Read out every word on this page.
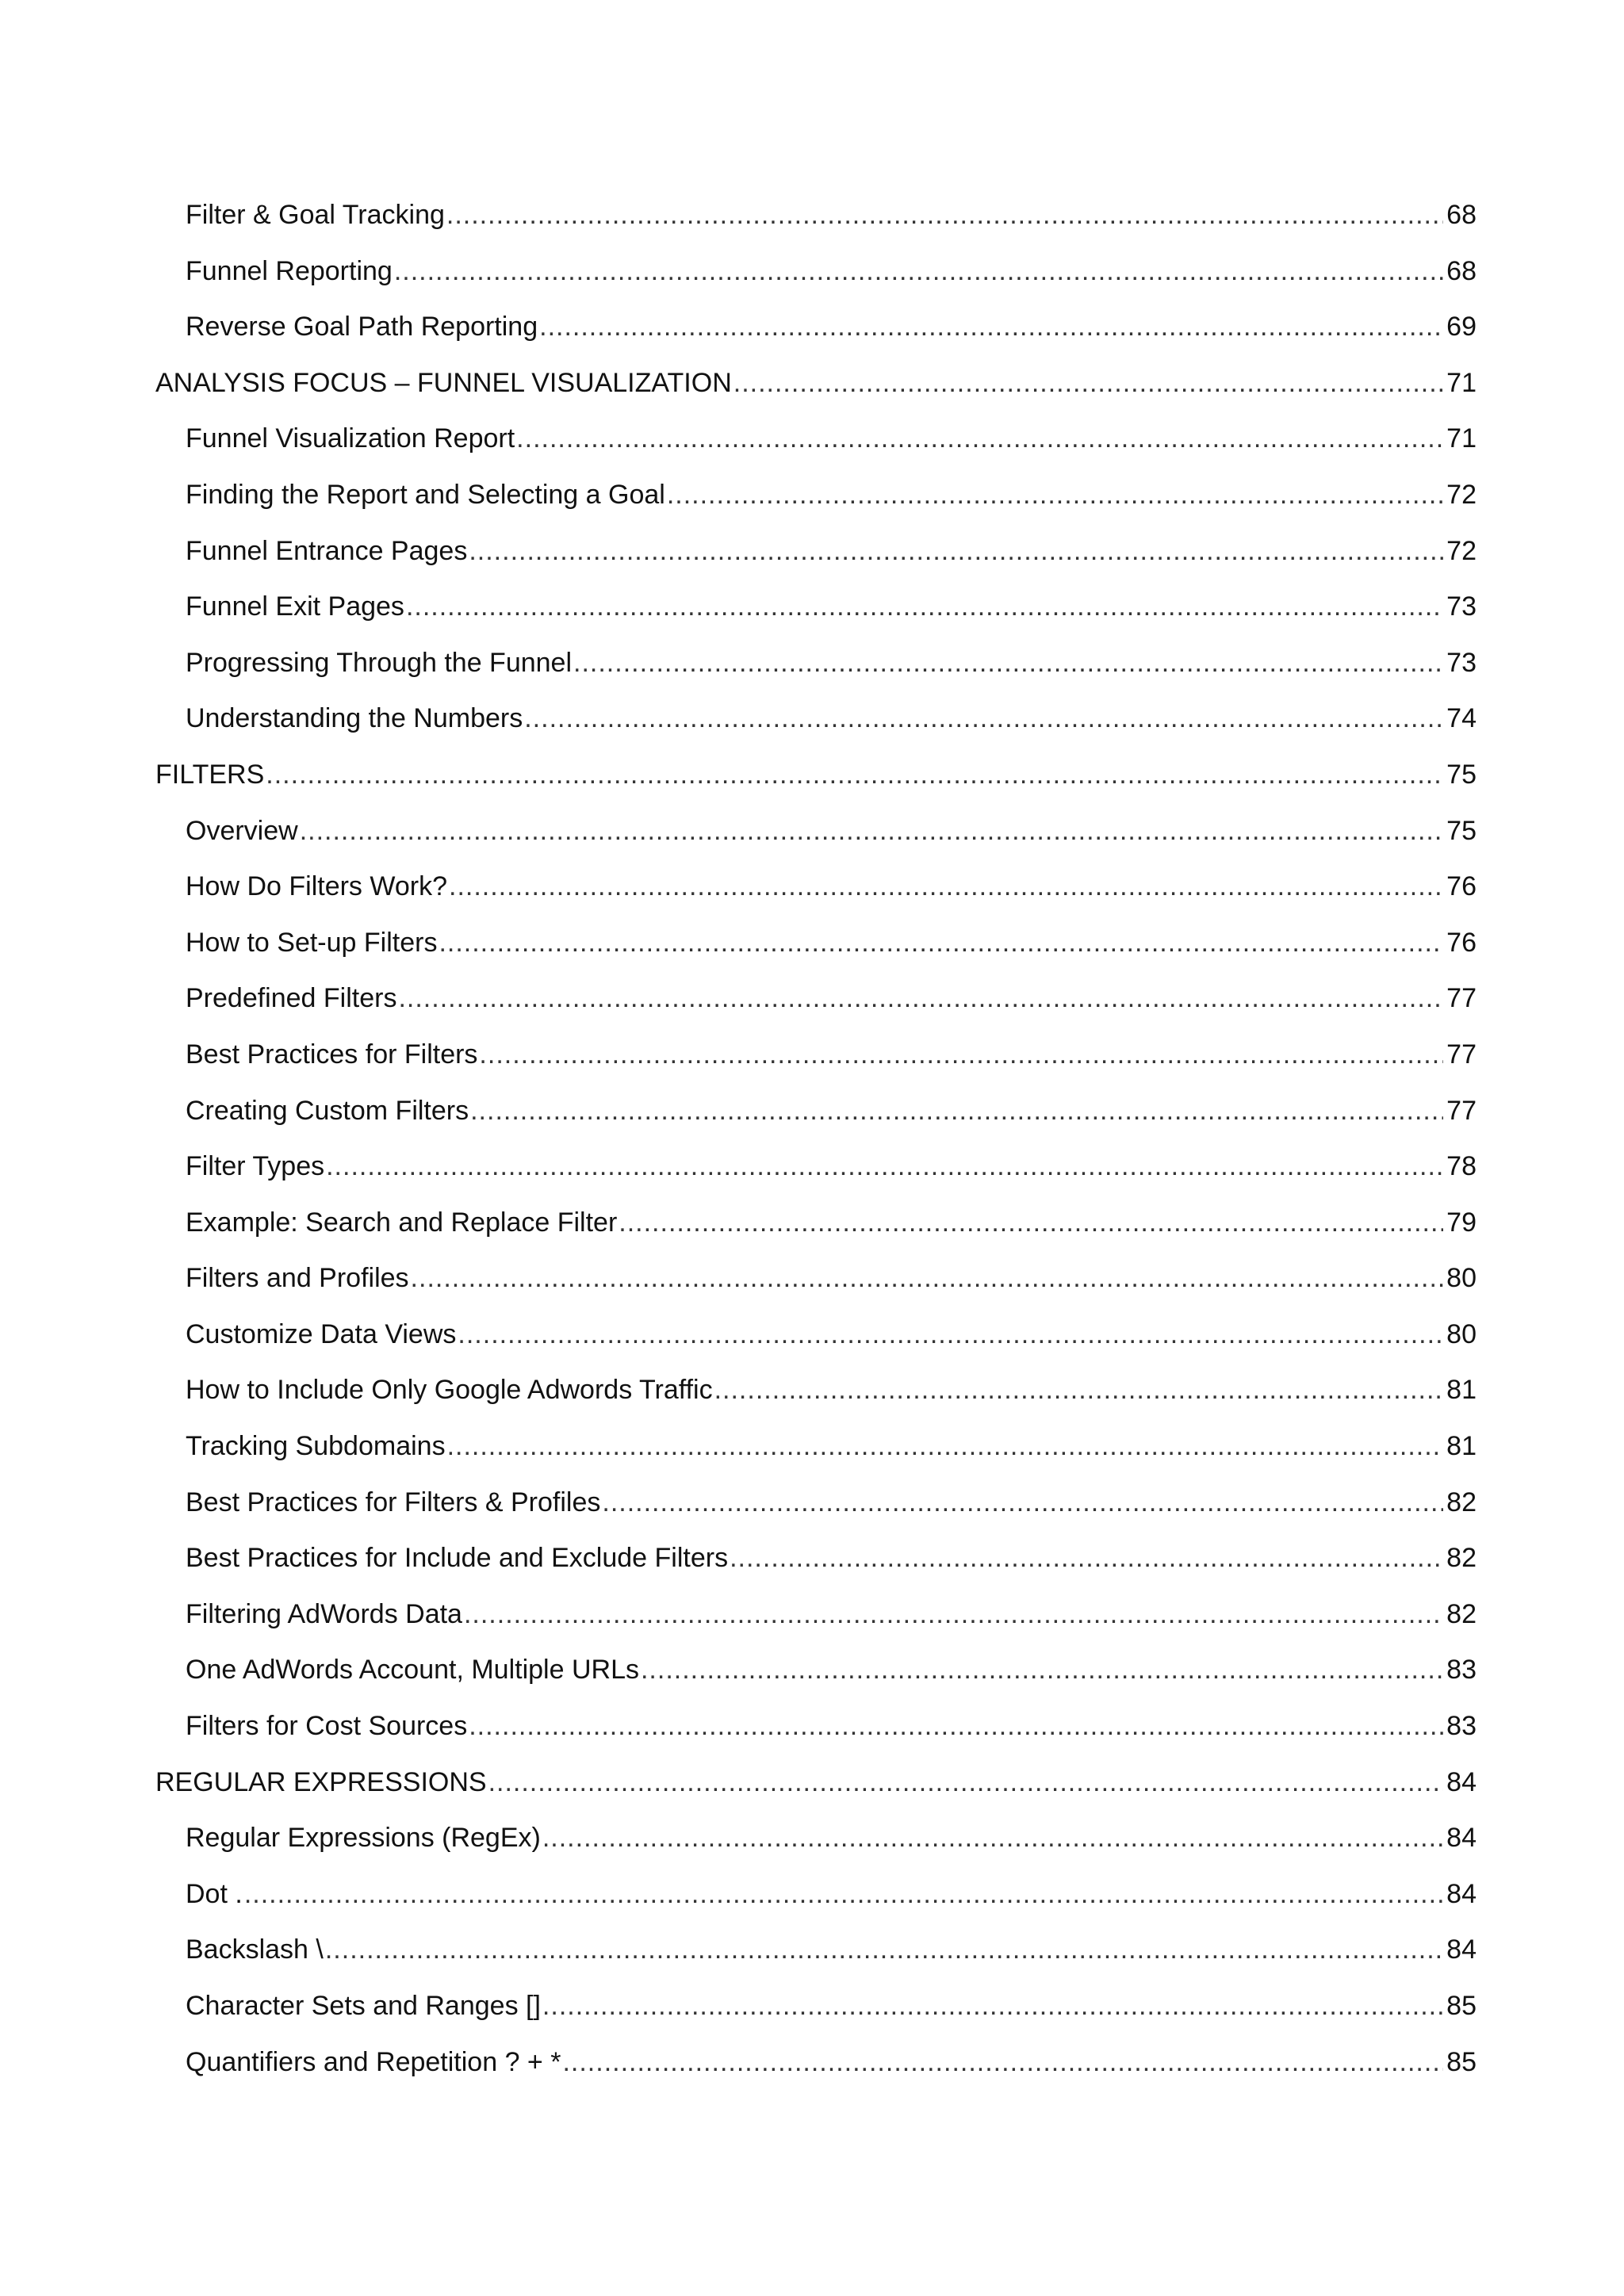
Filter & Goal Tracking .....	68
Funnel Reporting .....	68
Reverse Goal Path Reporting .....	69
ANALYSIS FOCUS – FUNNEL VISUALIZATION .....	71
Funnel Visualization Report .....	71
Finding the Report and Selecting a Goal .....	72
Funnel Entrance Pages .....	72
Funnel Exit Pages .....	73
Progressing Through the Funnel .....	73
Understanding the Numbers .....	74
FILTERS .....	75
Overview .....	75
How Do Filters Work? .....	76
How to Set-up Filters .....	76
Predefined Filters .....	77
Best Practices for Filters .....	77
Creating Custom Filters .....	77
Filter Types .....	78
Example: Search and Replace Filter .....	79
Filters and Profiles .....	80
Customize Data Views .....	80
How to Include Only Google Adwords Traffic .....	81
Tracking Subdomains .....	81
Best Practices for Filters & Profiles .....	82
Best Practices for Include and Exclude Filters .....	82
Filtering AdWords Data .....	82
One AdWords Account, Multiple URLs .....	83
Filters for Cost Sources .....	83
REGULAR EXPRESSIONS .....	84
Regular Expressions (RegEx) .....	84
Dot . .....	84
Backslash \ .....	84
Character Sets and Ranges [] .....	85
Quantifiers and Repetition ? + * .....	85
